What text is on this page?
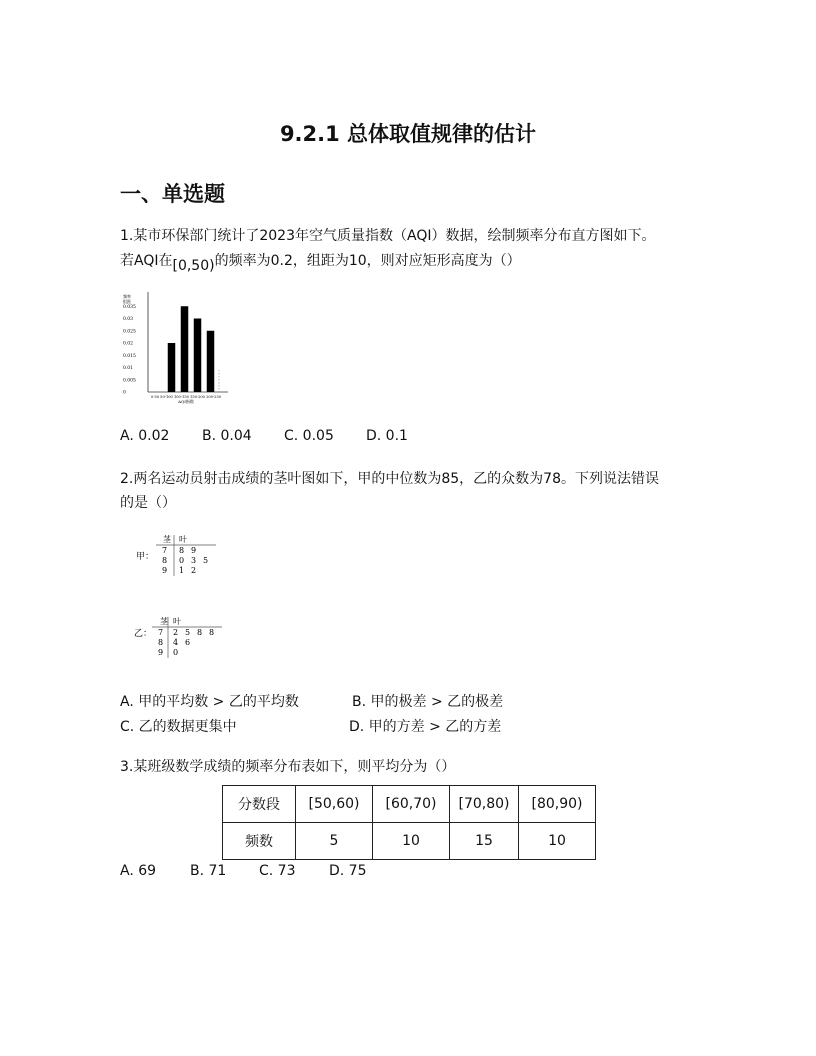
9.2.1 总体取值规律的估计
一、单选题
1.某市环保部门统计了2023年空气质量指数（AQI）数据，绘制频率分布直方图如下。
若AQI在[0,50)的频率为0.2，组距为10，则对应矩形高度为（）
频率
组距
0
0.005
0.01
0.015
0.02
0.025
0.03
0.035
0-50 50-100 100-150 150-200 200-250
AQI指数
A. 0.02 B. 0.04 C. 0.05 D. 0.1
2.两名运动员射击成绩的茎叶图如下，甲的中位数为85，乙的众数为78。下列说法错误
的是（）
甲：
茎 叶
7 8 9
8 0 3 5
9 1 2
乙：
茎 叶
7 2 5 8 8
8 4 6
9 0
A. 甲的平均数 > 乙的平均数	B. 甲的极差 > 乙的极差
C. 乙的数据更集中	D. 甲的方差 > 乙的方差
3.某班级数学成绩的频率分布表如下，则平均分为（）
分数段	[50,60)	[60,70)	[70,80)	[80,90)
频数	5	10	15	10
A. 69 B. 71 C. 73 D. 75
